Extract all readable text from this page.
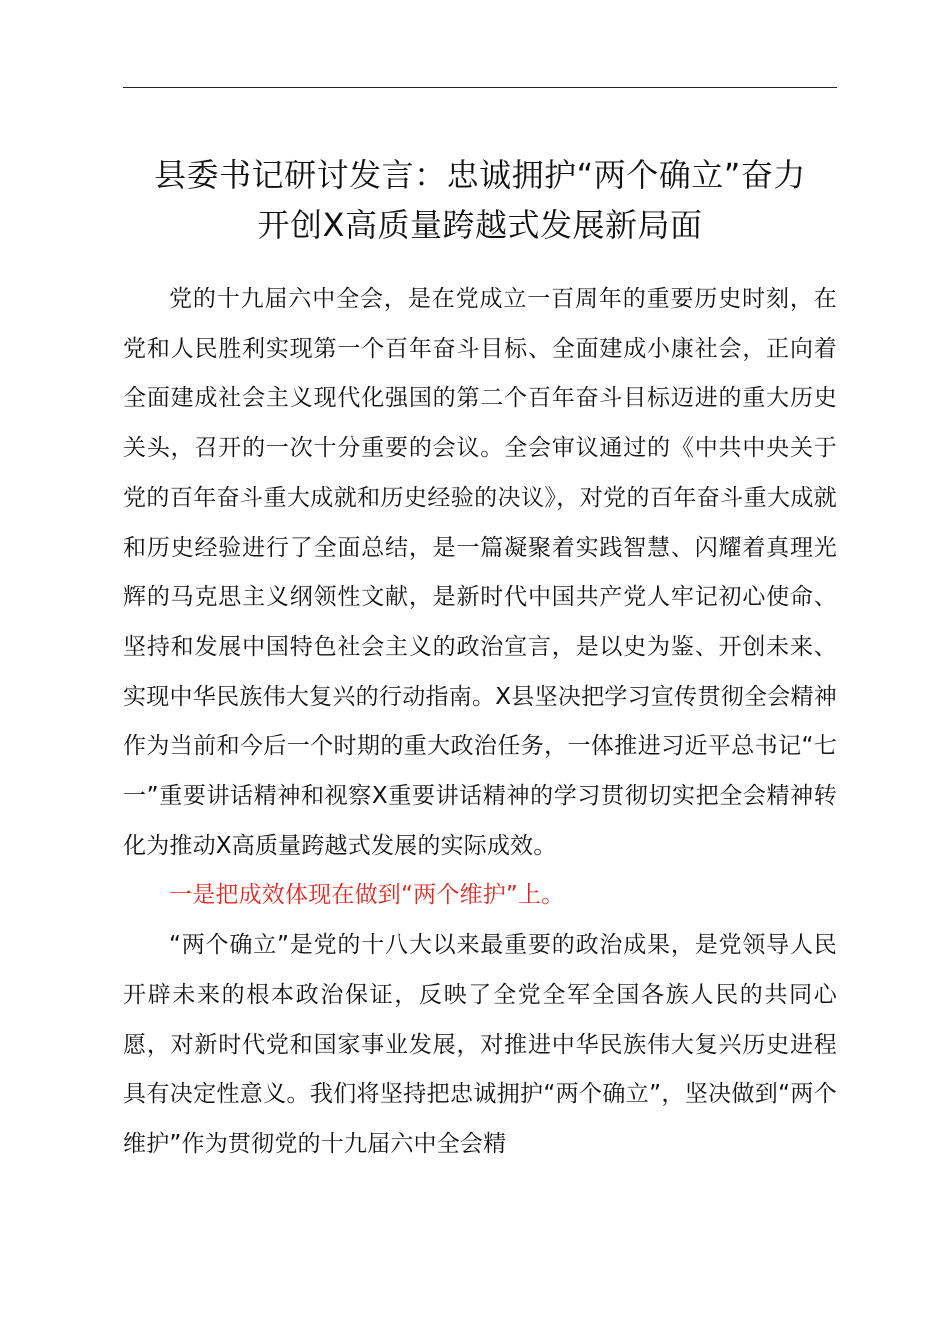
县委书记研讨发言：忠诚拥护“两个确立”奋力
开创X高质量跨越式发展新局面

党的十九届六中全会，是在党成立一百周年的重要历史时刻，在党和人民胜利实现第一个百年奋斗目标、全面建成小康社会，正向着全面建成社会主义现代化强国的第二个百年奋斗目标迈进的重大历史关头，召开的一次十分重要的会议。全会审议通过的《中共中央关于党的百年奋斗重大成就和历史经验的决议》，对党的百年奋斗重大成就和历史经验进行了全面总结，是一篇凝聚着实践智慧、闪耀着真理光辉的马克思主义纲领性文献，是新时代中国共产党人牢记初心使命、坚持和发展中国特色社会主义的政治宣言，是以史为鉴、开创未来、实现中华民族伟大复兴的行动指南。X县坚决把学习宣传贯彻全会精神作为当前和今后一个时期的重大政治任务，一体推进习近平总书记“七一”重要讲话精神和视察X重要讲话精神的学习贯彻切实把全会精神转化为推动X高质量跨越式发展的实际成效。

一是把成效体现在做到“两个维护”上。

“两个确立”是党的十八大以来最重要的政治成果，是党领导人民开辟未来的根本政治保证，反映了全党全军全国各族人民的共同心愿，对新时代党和国家事业发展，对推进中华民族伟大复兴历史进程具有决定性意义。我们将坚持把忠诚拥护“两个确立”，坚决做到“两个维护”作为贯彻党的十九届六中全会精
